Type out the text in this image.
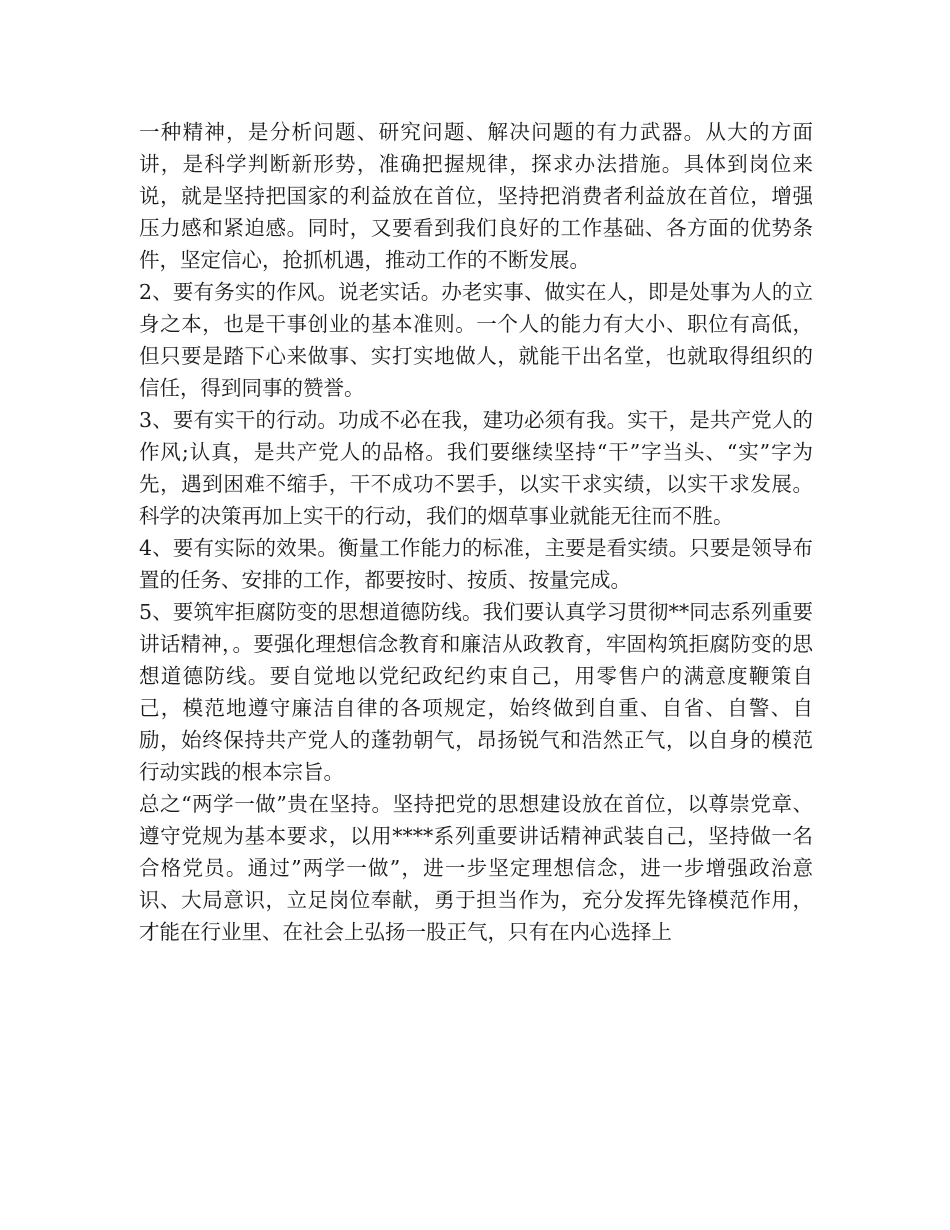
一种精神，是分析问题、研究问题、解决问题的有力武器。从大的方面讲，是科学判断新形势，准确把握规律，探求办法措施。具体到岗位来说，就是坚持把国家的利益放在首位，坚持把消费者利益放在首位，增强压力感和紧迫感。同时，又要看到我们良好的工作基础、各方面的优势条件，坚定信心，抢抓机遇，推动工作的不断发展。

2、要有务实的作风。说老实话。办老实事、做实在人，即是处事为人的立身之本，也是干事创业的基本准则。一个人的能力有大小、职位有高低，但只要是踏下心来做事、实打实地做人，就能干出名堂，也就取得组织的信任，得到同事的赞誉。

3、要有实干的行动。功成不必在我，建功必须有我。实干，是共产党人的作风;认真，是共产党人的品格。我们要继续坚持“干”字当头、“实”字为先，遇到困难不缩手，干不成功不罢手，以实干求实绩，以实干求发展。科学的决策再加上实干的行动，我们的烟草事业就能无往而不胜。

4、要有实际的效果。衡量工作能力的标准，主要是看实绩。只要是领导布置的任务、安排的工作，都要按时、按质、按量完成。

5、要筑牢拒腐防变的思想道德防线。我们要认真学习贯彻**同志系列重要讲话精神，。要强化理想信念教育和廉洁从政教育，牢固构筑拒腐防变的思想道德防线。要自觉地以党纪政纪约束自己，用零售户的满意度鞭策自己，模范地遵守廉洁自律的各项规定，始终做到自重、自省、自警、自励，始终保持共产党人的蓬勃朝气，昂扬锐气和浩然正气，以自身的模范行动实践的根本宗旨。

总之“两学一做”贵在坚持。坚持把党的思想建设放在首位，以尊崇党章、遵守党规为基本要求，以用****系列重要讲话精神武装自己，坚持做一名合格党员。通过”两学一做”，进一步坚定理想信念，进一步增强政治意识、大局意识，立足岗位奉献，勇于担当作为，充分发挥先锋模范作用，才能在行业里、在社会上弘扬一股正气，只有在内心选择上
